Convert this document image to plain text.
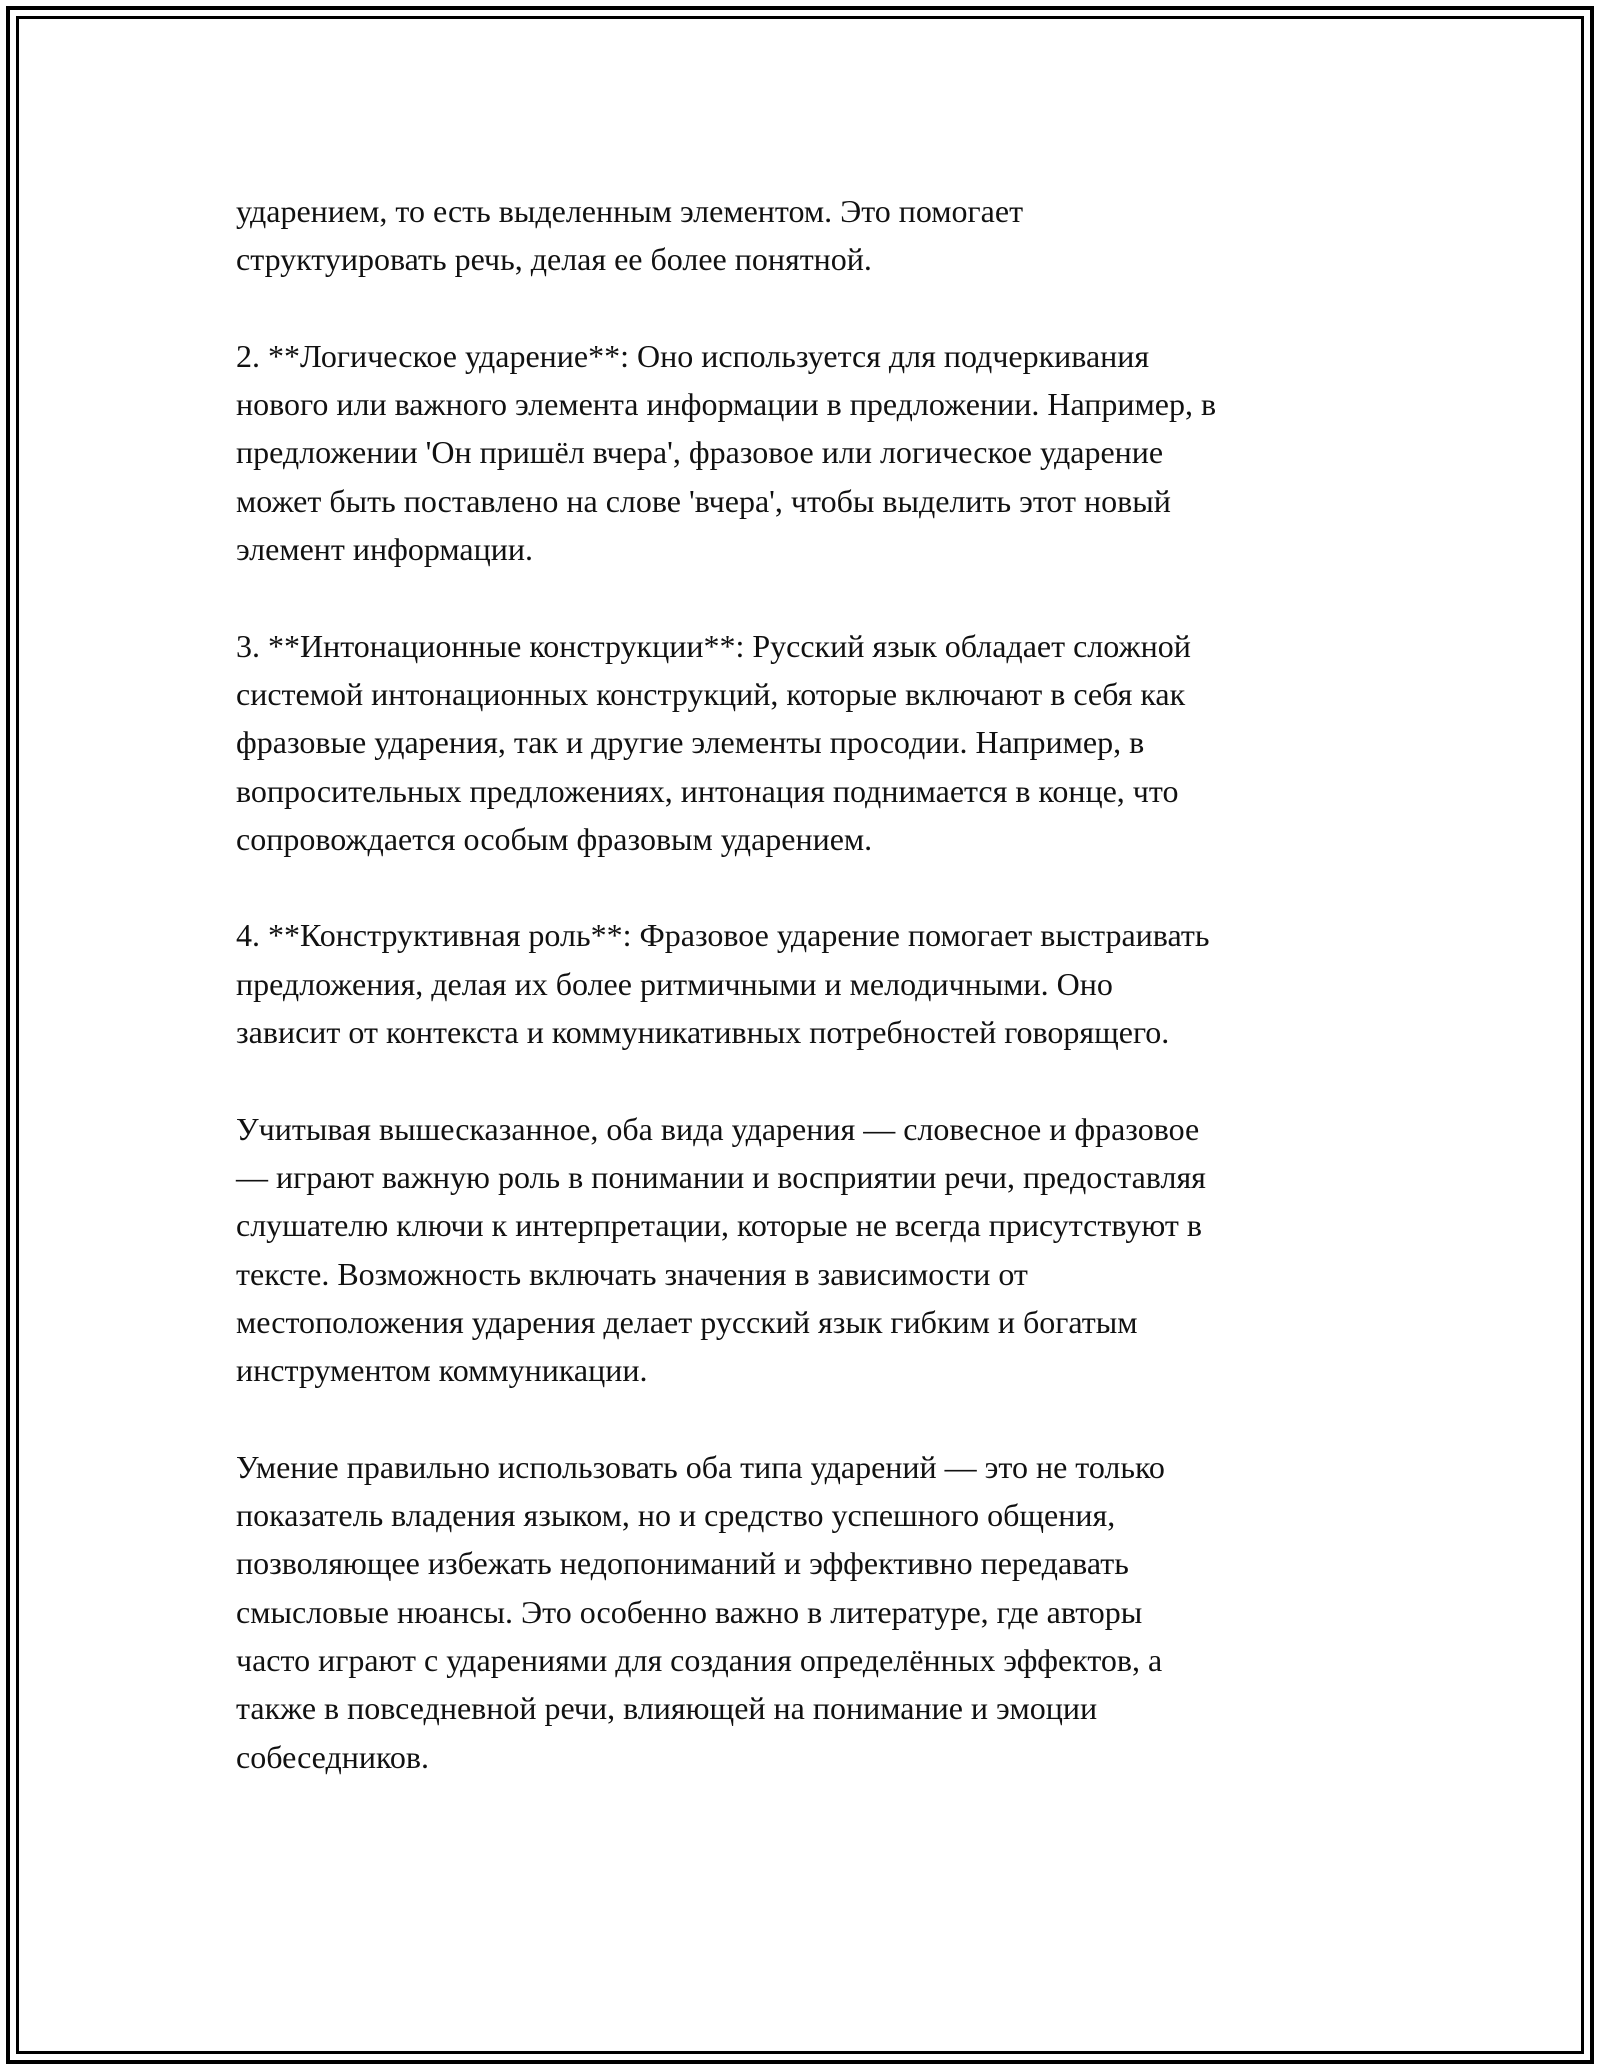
ударением, то есть выделенным элементом. Это помогает
структуировать речь, делая ее более понятной.

2. **Логическое ударение**: Оно используется для подчеркивания
нового или важного элемента информации в предложении. Например, в
предложении 'Он пришёл вчера', фразовое или логическое ударение
может быть поставлено на слове 'вчера', чтобы выделить этот новый
элемент информации.

3. **Интонационные конструкции**: Русский язык обладает сложной
системой интонационных конструкций, которые включают в себя как
фразовые ударения, так и другие элементы просодии. Например, в
вопросительных предложениях, интонация поднимается в конце, что
сопровождается особым фразовым ударением.

4. **Конструктивная роль**: Фразовое ударение помогает выстраивать
предложения, делая их более ритмичными и мелодичными. Оно
зависит от контекста и коммуникативных потребностей говорящего.

Учитывая вышесказанное, оба вида ударения — словесное и фразовое
— играют важную роль в понимании и восприятии речи, предоставляя
слушателю ключи к интерпретации, которые не всегда присутствуют в
тексте. Возможность включать значения в зависимости от
местоположения ударения делает русский язык гибким и богатым
инструментом коммуникации.

Умение правильно использовать оба типа ударений — это не только
показатель владения языком, но и средство успешного общения,
позволяющее избежать недопониманий и эффективно передавать
смысловые нюансы. Это особенно важно в литературе, где авторы
часто играют с ударениями для создания определённых эффектов, а
также в повседневной речи, влияющей на понимание и эмоции
собеседников.
